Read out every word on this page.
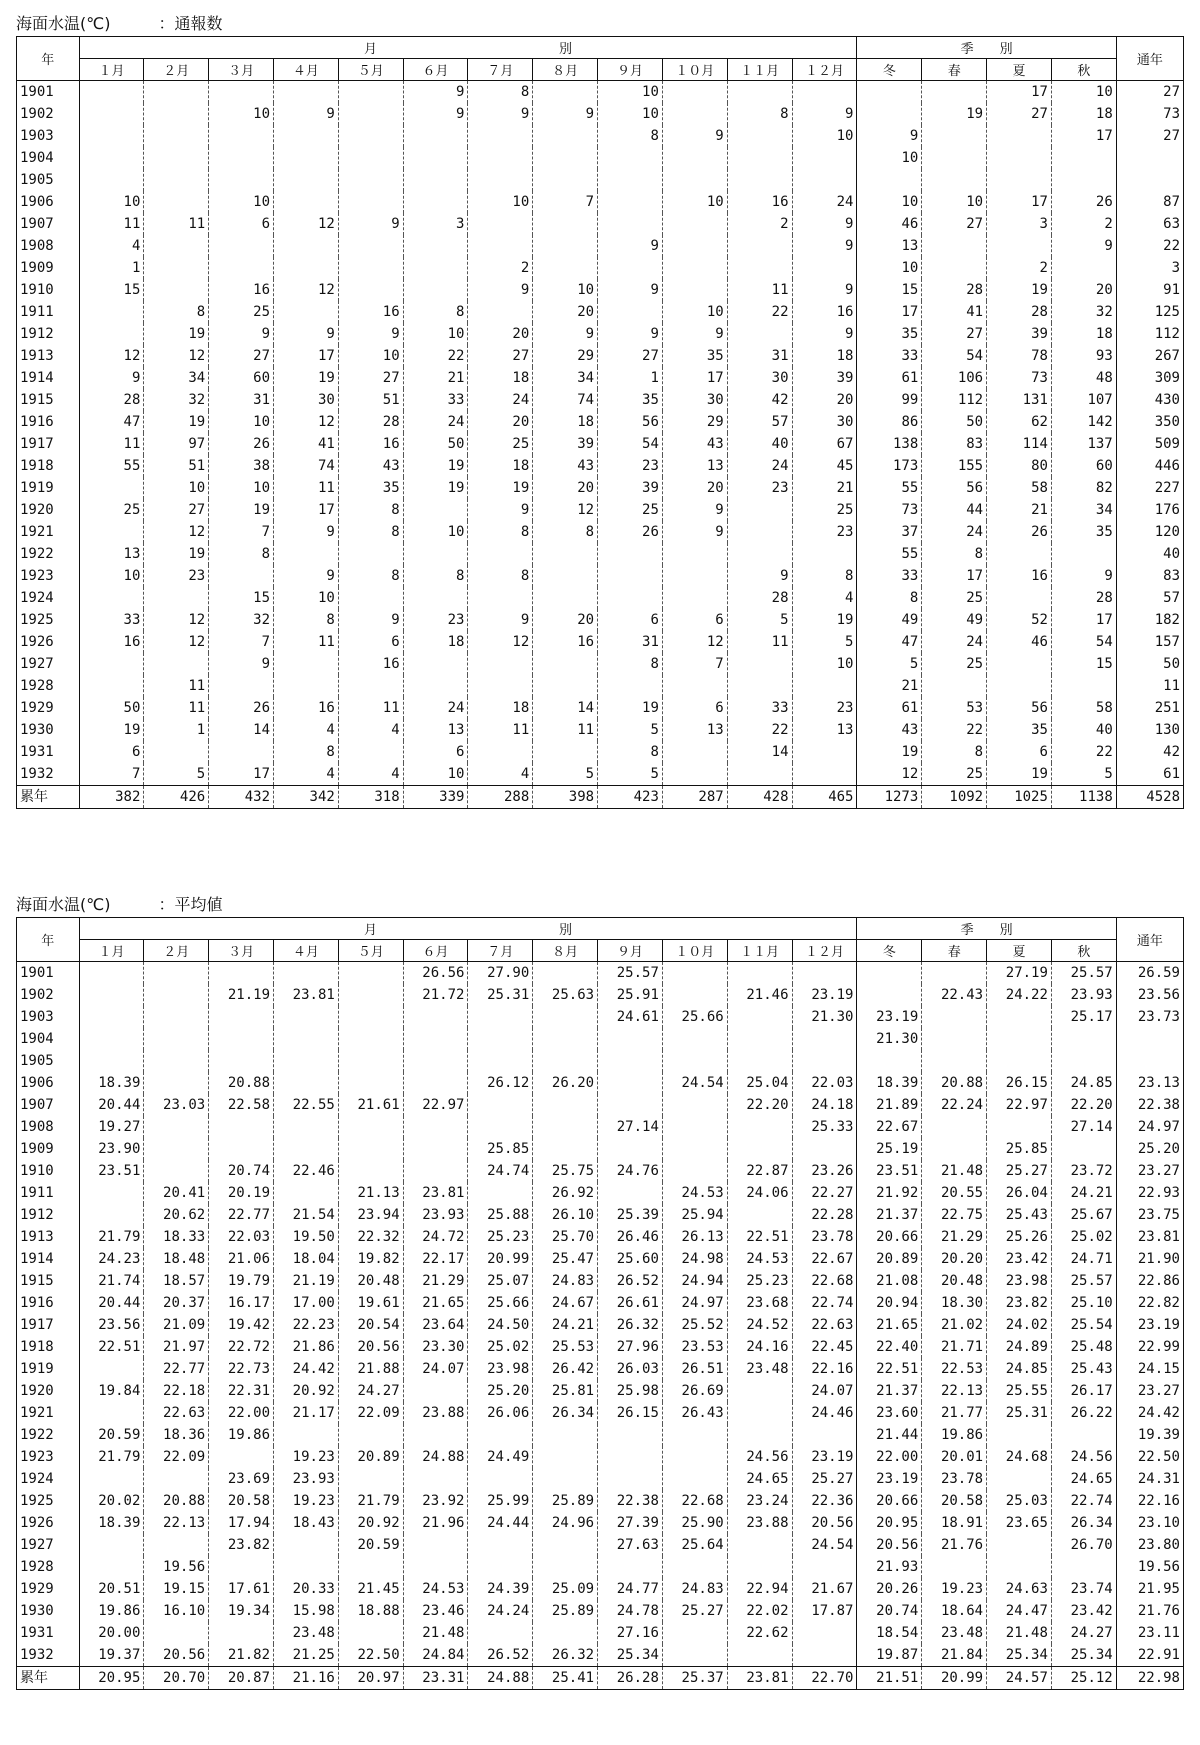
海面水温(℃)　　　：通報数
年	月　　　　　　　　　　　　　　別												季　　別				通年
	１月	２月	３月	４月	５月	６月	７月	８月	９月	１０月	１１月	１２月	冬	春	夏	秋	
1901						9	8		10						17	10	27
1902			10	9		9	9	9	10		8	9		19	27	18	73
1903									8	9		10	9			17	27
1904													10				
1905																	
1906	10		10				10	7		10	16	24	10	10	17	26	87
1907	11	11	6	12	9	3					2	9	46	27	3	2	63
1908	4								9			9	13			9	22
1909	1						2						10		2		3
1910	15		16	12			9	10	9		11	9	15	28	19	20	91
1911		8	25		16	8		20		10	22	16	17	41	28	32	125
1912		19	9	9	9	10	20	9	9	9		9	35	27	39	18	112
1913	12	12	27	17	10	22	27	29	27	35	31	18	33	54	78	93	267
1914	9	34	60	19	27	21	18	34	1	17	30	39	61	106	73	48	309
1915	28	32	31	30	51	33	24	74	35	30	42	20	99	112	131	107	430
1916	47	19	10	12	28	24	20	18	56	29	57	30	86	50	62	142	350
1917	11	97	26	41	16	50	25	39	54	43	40	67	138	83	114	137	509
1918	55	51	38	74	43	19	18	43	23	13	24	45	173	155	80	60	446
1919		10	10	11	35	19	19	20	39	20	23	21	55	56	58	82	227
1920	25	27	19	17	8		9	12	25	9		25	73	44	21	34	176
1921		12	7	9	8	10	8	8	26	9		23	37	24	26	35	120
1922	13	19	8										55	8			40
1923	10	23		9	8	8	8				9	8	33	17	16	9	83
1924			15	10							28	4	8	25		28	57
1925	33	12	32	8	9	23	9	20	6	6	5	19	49	49	52	17	182
1926	16	12	7	11	6	18	12	16	31	12	11	5	47	24	46	54	157
1927			9		16				8	7		10	5	25		15	50
1928		11											21				11
1929	50	11	26	16	11	24	18	14	19	6	33	23	61	53	56	58	251
1930	19	1	14	4	4	13	11	11	5	13	22	13	43	22	35	40	130
1931	6			8		6			8		14		19	8	6	22	42
1932	7	5	17	4	4	10	4	5	5				12	25	19	5	61
累年	382	426	432	342	318	339	288	398	423	287	428	465	1273	1092	1025	1138	4528
海面水温(℃)　　　：平均値
年	月　　　　　　　　　　　　　　別												季　　別				通年
	１月	２月	３月	４月	５月	６月	７月	８月	９月	１０月	１１月	１２月	冬	春	夏	秋	
1901						26.56	27.90		25.57						27.19	25.57	26.59
1902			21.19	23.81		21.72	25.31	25.63	25.91		21.46	23.19		22.43	24.22	23.93	23.56
1903									24.61	25.66		21.30	23.19			25.17	23.73
1904													21.30				
1905																	
1906	18.39		20.88				26.12	26.20		24.54	25.04	22.03	18.39	20.88	26.15	24.85	23.13
1907	20.44	23.03	22.58	22.55	21.61	22.97					22.20	24.18	21.89	22.24	22.97	22.20	22.38
1908	19.27								27.14			25.33	22.67			27.14	24.97
1909	23.90						25.85						25.19		25.85		25.20
1910	23.51		20.74	22.46			24.74	25.75	24.76		22.87	23.26	23.51	21.48	25.27	23.72	23.27
1911		20.41	20.19		21.13	23.81		26.92		24.53	24.06	22.27	21.92	20.55	26.04	24.21	22.93
1912		20.62	22.77	21.54	23.94	23.93	25.88	26.10	25.39	25.94		22.28	21.37	22.75	25.43	25.67	23.75
1913	21.79	18.33	22.03	19.50	22.32	24.72	25.23	25.70	26.46	26.13	22.51	23.78	20.66	21.29	25.26	25.02	23.81
1914	24.23	18.48	21.06	18.04	19.82	22.17	20.99	25.47	25.60	24.98	24.53	22.67	20.89	20.20	23.42	24.71	21.90
1915	21.74	18.57	19.79	21.19	20.48	21.29	25.07	24.83	26.52	24.94	25.23	22.68	21.08	20.48	23.98	25.57	22.86
1916	20.44	20.37	16.17	17.00	19.61	21.65	25.66	24.67	26.61	24.97	23.68	22.74	20.94	18.30	23.82	25.10	22.82
1917	23.56	21.09	19.42	22.23	20.54	23.64	24.50	24.21	26.32	25.52	24.52	22.63	21.65	21.02	24.02	25.54	23.19
1918	22.51	21.97	22.72	21.86	20.56	23.30	25.02	25.53	27.96	23.53	24.16	22.45	22.40	21.71	24.89	25.48	22.99
1919		22.77	22.73	24.42	21.88	24.07	23.98	26.42	26.03	26.51	23.48	22.16	22.51	22.53	24.85	25.43	24.15
1920	19.84	22.18	22.31	20.92	24.27		25.20	25.81	25.98	26.69		24.07	21.37	22.13	25.55	26.17	23.27
1921		22.63	22.00	21.17	22.09	23.88	26.06	26.34	26.15	26.43		24.46	23.60	21.77	25.31	26.22	24.42
1922	20.59	18.36	19.86										21.44	19.86			19.39
1923	21.79	22.09		19.23	20.89	24.88	24.49				24.56	23.19	22.00	20.01	24.68	24.56	22.50
1924			23.69	23.93							24.65	25.27	23.19	23.78		24.65	24.31
1925	20.02	20.88	20.58	19.23	21.79	23.92	25.99	25.89	22.38	22.68	23.24	22.36	20.66	20.58	25.03	22.74	22.16
1926	18.39	22.13	17.94	18.43	20.92	21.96	24.44	24.96	27.39	25.90	23.88	20.56	20.95	18.91	23.65	26.34	23.10
1927			23.82		20.59				27.63	25.64		24.54	20.56	21.76		26.70	23.80
1928		19.56											21.93				19.56
1929	20.51	19.15	17.61	20.33	21.45	24.53	24.39	25.09	24.77	24.83	22.94	21.67	20.26	19.23	24.63	23.74	21.95
1930	19.86	16.10	19.34	15.98	18.88	23.46	24.24	25.89	24.78	25.27	22.02	17.87	20.74	18.64	24.47	23.42	21.76
1931	20.00			23.48		21.48			27.16		22.62		18.54	23.48	21.48	24.27	23.11
1932	19.37	20.56	21.82	21.25	22.50	24.84	26.52	26.32	25.34				19.87	21.84	25.34	25.34	22.91
累年	20.95	20.70	20.87	21.16	20.97	23.31	24.88	25.41	26.28	25.37	23.81	22.70	21.51	20.99	24.57	25.12	22.98
